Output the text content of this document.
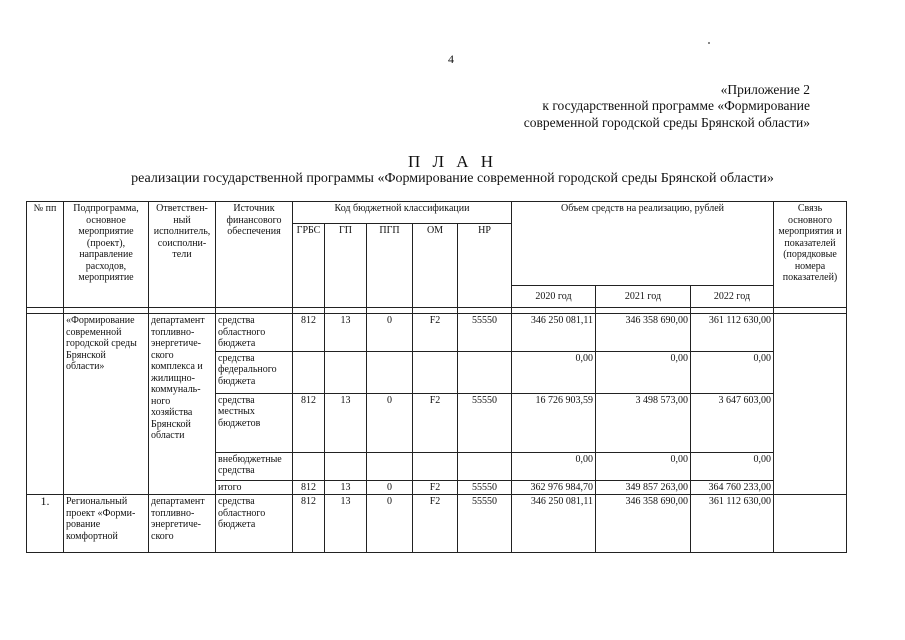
4
«Приложение 2
к государственной программе «Формирование
современной городской среды Брянской области»
П Л А Н
реализации государственной программы «Формирование современной городской среды Брянской области»
№ пп	Подпрограмма, основное мероприятие (проект), направление расходов, мероприятие	Ответствен-ный исполнитель, соисполни-тели	Источник финансового обеспечения	Код бюджетной классификации					Объем средств на реализацию, рублей			Связь основного мероприятия и показателей (порядковые номера показателей)
				ГРБС	ГП	ПГП	ОМ	НР				
									2020 год	2021 год	2022 год	

	«Формирование современной городской среды Брянской области»	департамент топливно-энергетиче-ского комплекса и жилищно-коммуналь-ного хозяйства Брянской области	средства областного бюджета	812	13	0	F2	55550	346 250 081,11	346 358 690,00	361 112 630,00	
			средства федерального бюджета						0,00	0,00	0,00	
			средства местных бюджетов	812	13	0	F2	55550	16 726 903,59	3 498 573,00	3 647 603,00	
			внебюджетные средства						0,00	0,00	0,00	
			итого	812	13	0	F2	55550	362 976 984,70	349 857 263,00	364 760 233,00	
1.	Региональный проект «Форми-рование комфортной	департамент топливно-энергетиче-ского	средства областного бюджета	812	13	0	F2	55550	346 250 081,11	346 358 690,00	361 112 630,00	
